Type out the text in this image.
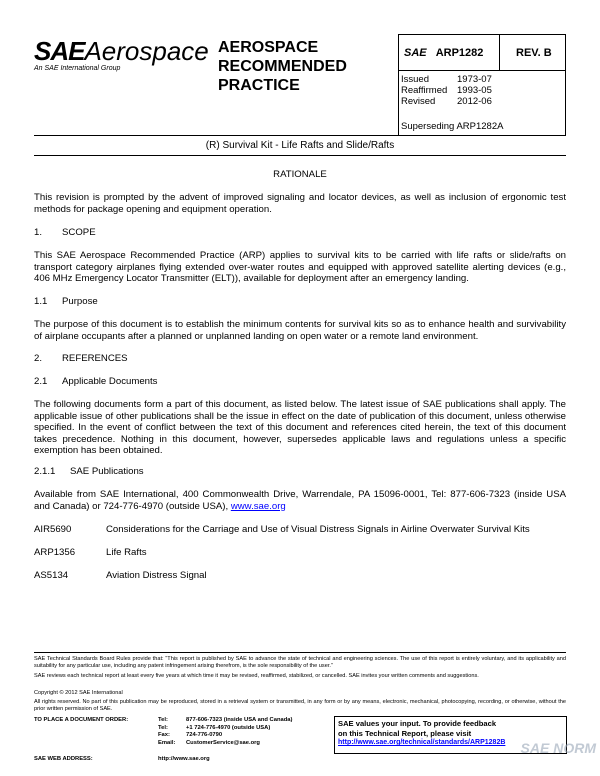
SAEAerospace
An SAE International Group
AEROSPACE
RECOMMENDED
PRACTICE
SAE ARP1282	REV. B
Issued	1973-07
Reaffirmed 1993-05
Revised 2012-06
Superseding ARP1282A
(R) Survival Kit - Life Rafts and Slide/Rafts
RATIONALE
This revision is prompted by the advent of improved signaling and locator devices, as well as inclusion of ergonomic test methods for package opening and equipment operation.
1. SCOPE
This SAE Aerospace Recommended Practice (ARP) applies to survival kits to be carried with life rafts or slide/rafts on transport category airplanes flying extended over-water routes and equipped with approved satellite alerting devices (e.g., 406 MHz Emergency Locator Transmitter (ELT)), available for deployment after an emergency landing.
1.1 Purpose
The purpose of this document is to establish the minimum contents for survival kits so as to enhance health and survivability of airplane occupants after a planned or unplanned landing on open water or a remote land environment.
2. REFERENCES
2.1 Applicable Documents
The following documents form a part of this document, as listed below. The latest issue of SAE publications shall apply. The applicable issue of other publications shall be the issue in effect on the date of publication of this document, unless otherwise specified. In the event of conflict between the text of this document and references cited herein, the text of this document takes precedence. Nothing in this document, however, supersedes applicable laws and regulations unless a specific exemption has been obtained.
2.1.1 SAE Publications
Available from SAE International, 400 Commonwealth Drive, Warrendale, PA 15096-0001, Tel: 877-606-7323 (inside USA and Canada) or 724-776-4970 (outside USA), www.sae.org
AIR5690	Considerations for the Carriage and Use of Visual Distress Signals in Airline Overwater Survival Kits
ARP1356	Life Rafts
AS5134	Aviation Distress Signal
SAE Technical Standards Board Rules provide that: “This report is published by SAE to advance the state of technical and engineering sciences. The use of this report is entirely voluntary, and its applicability and suitability for any particular use, including any patent infringement arising therefrom, is the sole responsibility of the user.”
SAE reviews each technical report at least every five years at which time it may be revised, reaffirmed, stabilized, or cancelled. SAE invites your written comments and suggestions.
Copyright © 2012 SAE International
All rights reserved. No part of this publication may be reproduced, stored in a retrieval system or transmitted, in any form or by any means, electronic, mechanical, photocopying, recording, or otherwise, without the prior written permission of SAE.
TO PLACE A DOCUMENT ORDER:	Tel:	877-606-7323 (inside USA and Canada)
Tel:	+1 724-776-4970 (outside USA)
Fax:	724-776-0790
Email: CustomerService@sae.org
SAE WEB ADDRESS:	http://www.sae.org
SAE values your input. To provide feedback
on this Technical Report, please visit
http://www.sae.org/technical/standards/ARP1282B	SAE NORM
